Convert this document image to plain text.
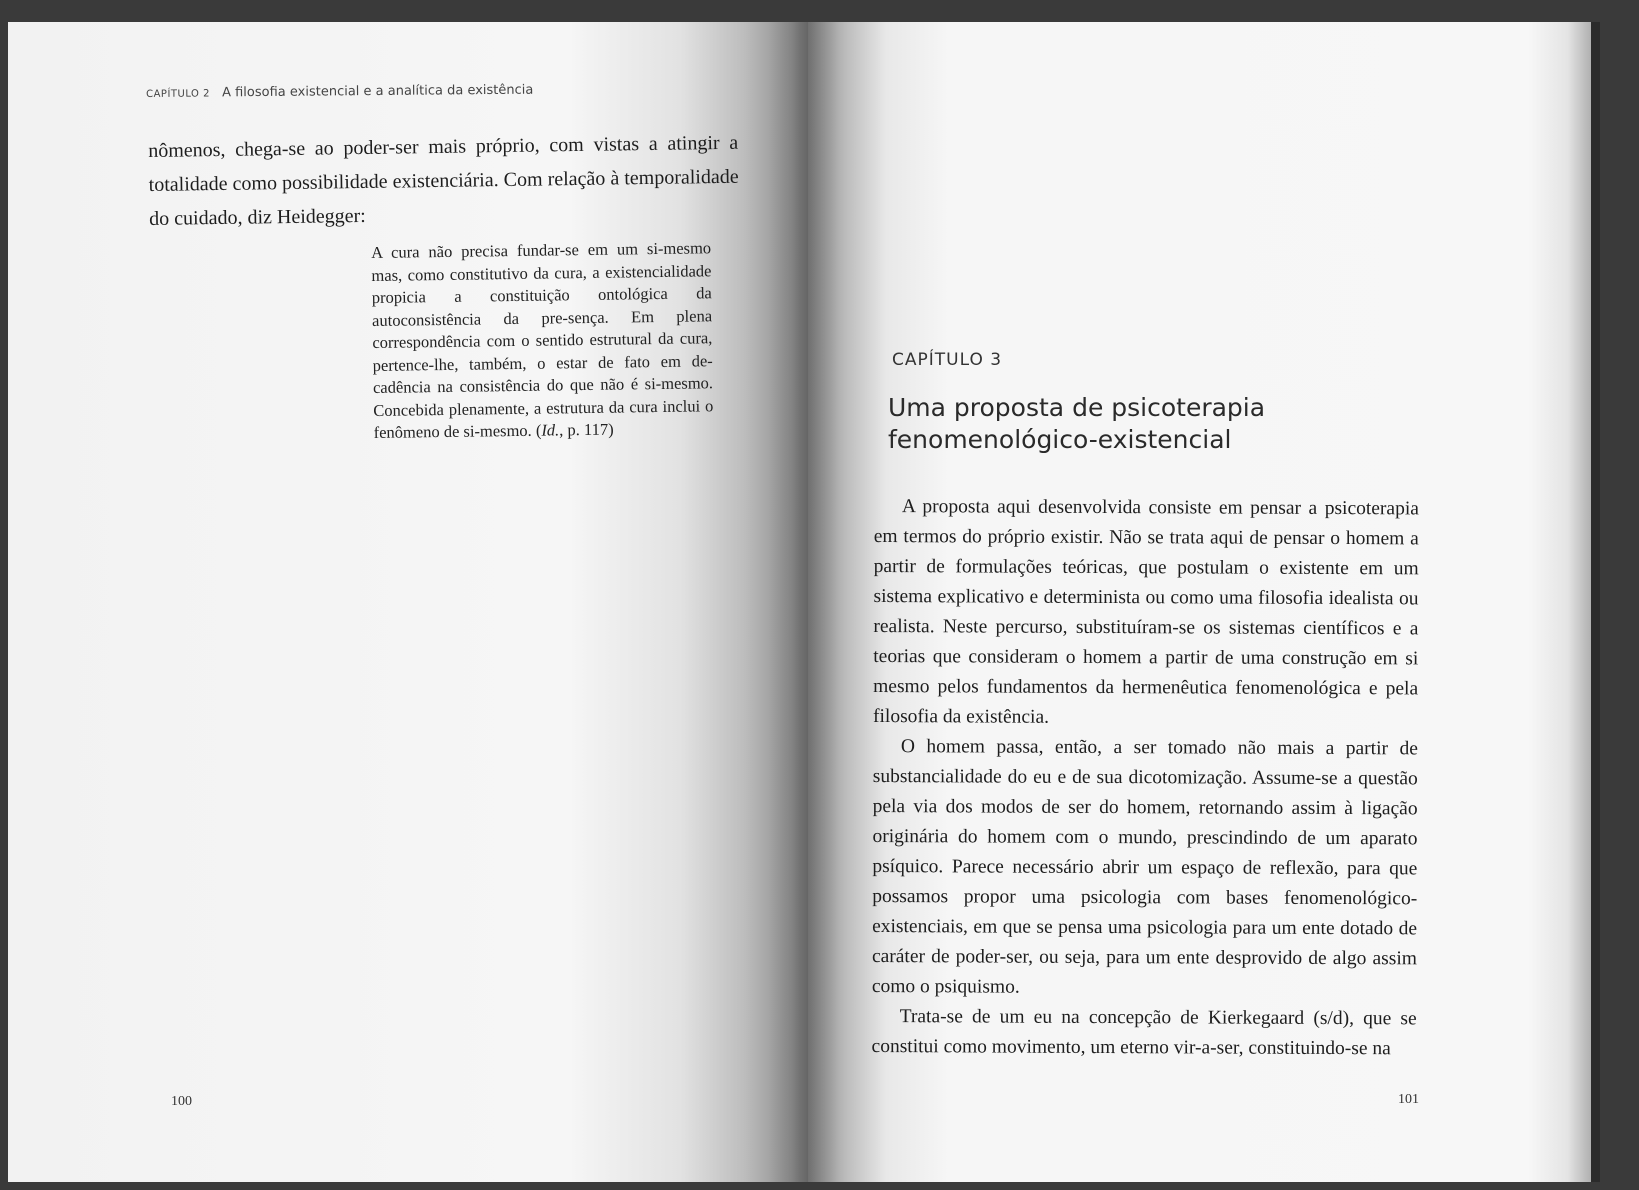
CAPÍTULO 2 A filosofia existencial e a analítica da existência

nômenos, chega-se ao poder-ser mais próprio, com vistas a atingir a totalidade como possibilidade existenciária. Com relação à temporalidade do cuidado, diz Heidegger:

A cura não precisa fundar-se em um si-mesmo mas, como constitutivo da cura, a existencialidade propicia a constituição ontológica da autoconsistência da pre-sença. Em plena correspondência com o sentido estrutural da cura, pertence-lhe, também, o estar de fato em de-cadência na consistência do que não é si-mesmo. Concebida plenamente, a estrutura da cura inclui o fenômeno de si-mesmo. (Id., p. 117)
100
CAPÍTULO 3
Uma proposta de psicoterapia
fenomenológico-existencial

A proposta aqui desenvolvida consiste em pensar a psicoterapia em termos do próprio existir. Não se trata aqui de pensar o homem a partir de formulações teóricas, que postulam o existente em um sistema explicativo e determinista ou como uma filosofia idealista ou realista. Neste percurso, substituíram-se os sistemas científicos e a teorias que consideram o homem a partir de uma construção em si mesmo pelos fundamentos da hermenêutica fenomenológica e pela filosofia da existência.

O homem passa, então, a ser tomado não mais a partir de substancialidade do eu e de sua dicotomização. Assume-se a questão pela via dos modos de ser do homem, retornando assim à ligação originária do homem com o mundo, prescindindo de um aparato psíquico. Parece necessário abrir um espaço de reflexão, para que possamos propor uma psicologia com bases fenomenológico-existenciais, em que se pensa uma psicologia para um ente dotado de caráter de poder-ser, ou seja, para um ente desprovido de algo assim como o psiquismo.

Trata-se de um eu na concepção de Kierkegaard (s/d), que se constitui como movimento, um eterno vir-a-ser, constituindo-se na

101
